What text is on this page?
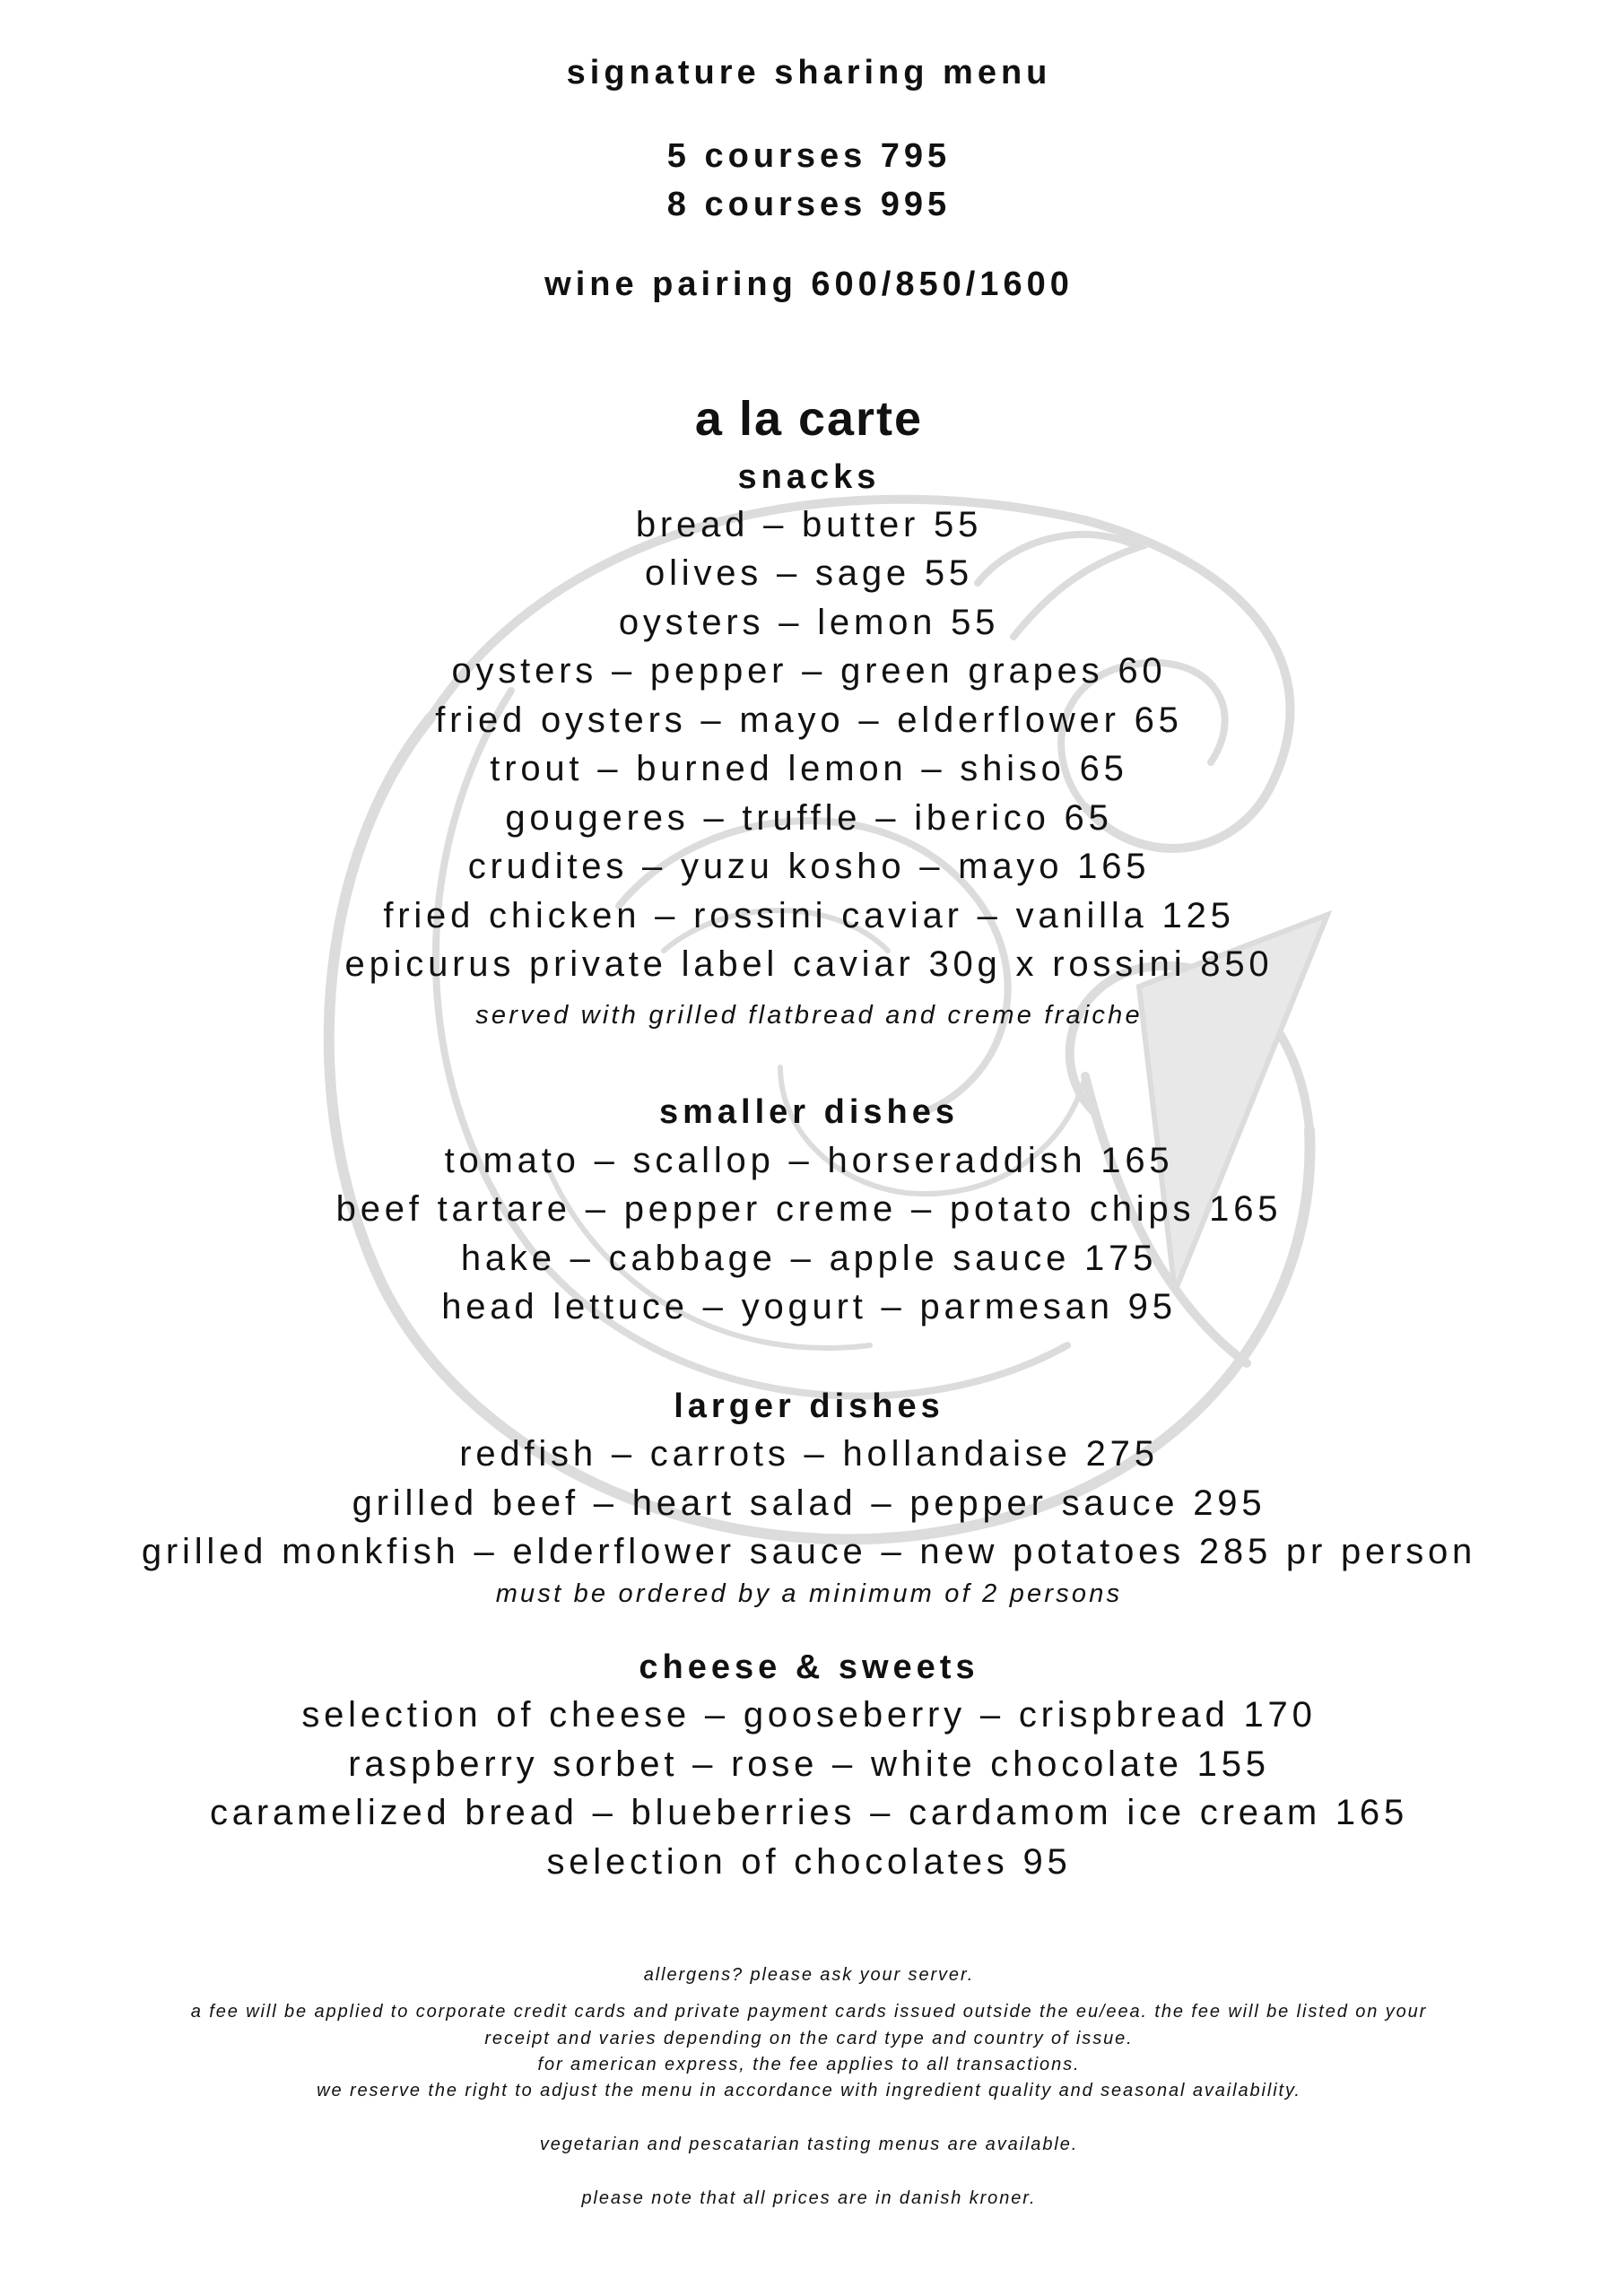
signature sharing menu

5 courses 795

8 courses 995

wine pairing 600/850/1600

a la carte

snacks

bread – butter 55

olives – sage 55

oysters – lemon 55

oysters – pepper – green grapes 60

fried oysters – mayo – elderflower 65

trout – burned lemon – shiso 65

gougeres – truffle – iberico 65

crudites – yuzu kosho – mayo 165

fried chicken – rossini caviar – vanilla 125

epicurus private label caviar 30g x rossini 850

served with grilled flatbread and creme fraiche

smaller dishes

tomato – scallop – horseraddish 165

beef tartare – pepper creme – potato chips 165

hake – cabbage – apple sauce 175

head lettuce – yogurt – parmesan 95

larger dishes

redfish – carrots – hollandaise 275

grilled beef – heart salad – pepper sauce 295

grilled monkfish – elderflower sauce – new potatoes 285 pr person

must be ordered by a minimum of 2 persons

cheese & sweets

selection of cheese – gooseberry – crispbread 170

raspberry sorbet – rose – white chocolate 155

caramelized bread – blueberries – cardamom ice cream 165

selection of chocolates 95

allergens? please ask your server.

a fee will be applied to corporate credit cards and private payment cards issued outside the eu/eea. the fee will be listed on your

receipt and varies depending on the card type and country of issue.

for american express, the fee applies to all transactions.

we reserve the right to adjust the menu in accordance with ingredient quality and seasonal availability.

vegetarian and pescatarian tasting menus are available.

please note that all prices are in danish kroner.
